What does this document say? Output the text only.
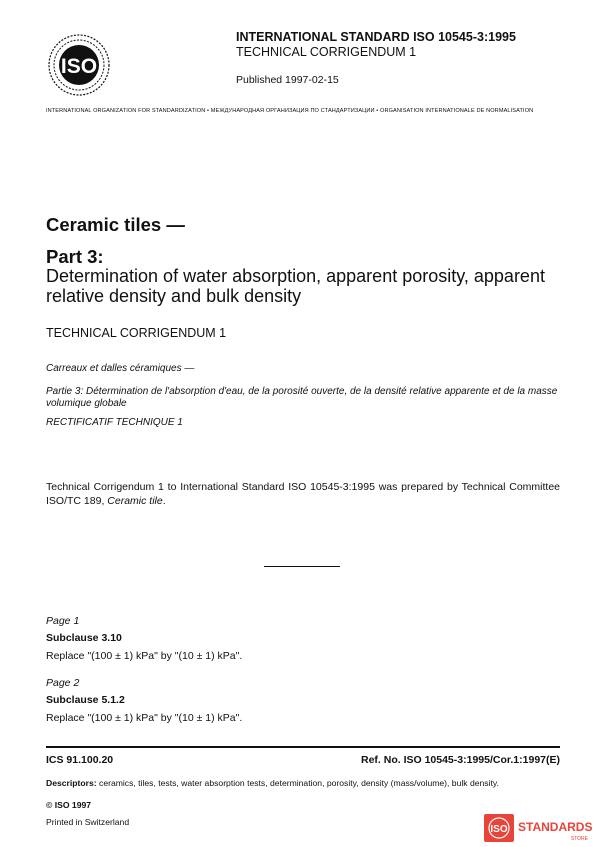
ISO
INTERNATIONAL STANDARD ISO 10545-3:1995
TECHNICAL CORRIGENDUM 1
Published 1997-02-15
INTERNATIONAL ORGANIZATION FOR STANDARDIZATION • МЕЖДУНАРОДНАЯ ОРГАНИЗАЦИЯ ПО СТАНДАРТИЗАЦИИ • ORGANISATION INTERNATIONALE DE NORMALISATION
Ceramic tiles —
Part 3:
Determination of water absorption, apparent porosity, apparent relative density and bulk density
TECHNICAL CORRIGENDUM 1
Carreaux et dalles céramiques —
Partie 3: Détermination de l'absorption d'eau, de la porosité ouverte, de la densité relative apparente et de la masse volumique globale
RECTIFICATIF TECHNIQUE 1
Technical Corrigendum 1 to International Standard ISO 10545-3:1995 was prepared by Technical Committee ISO/TC 189, Ceramic tile.
Page 1
Subclause 3.10
Replace "(100 ± 1) kPa" by "(10 ± 1) kPa".
Page 2
Subclause 5.1.2
Replace "(100 ± 1) kPa" by "(10 ± 1) kPa".
ICS 91.100.20	Ref. No. ISO 10545-3:1995/Cor.1:1997(E)
Descriptors: ceramics, tiles, tests, water absorption tests, determination, porosity, density (mass/volume), bulk density.
© ISO 1997
Printed in Switzerland
ISO STANDARDS
STORE
